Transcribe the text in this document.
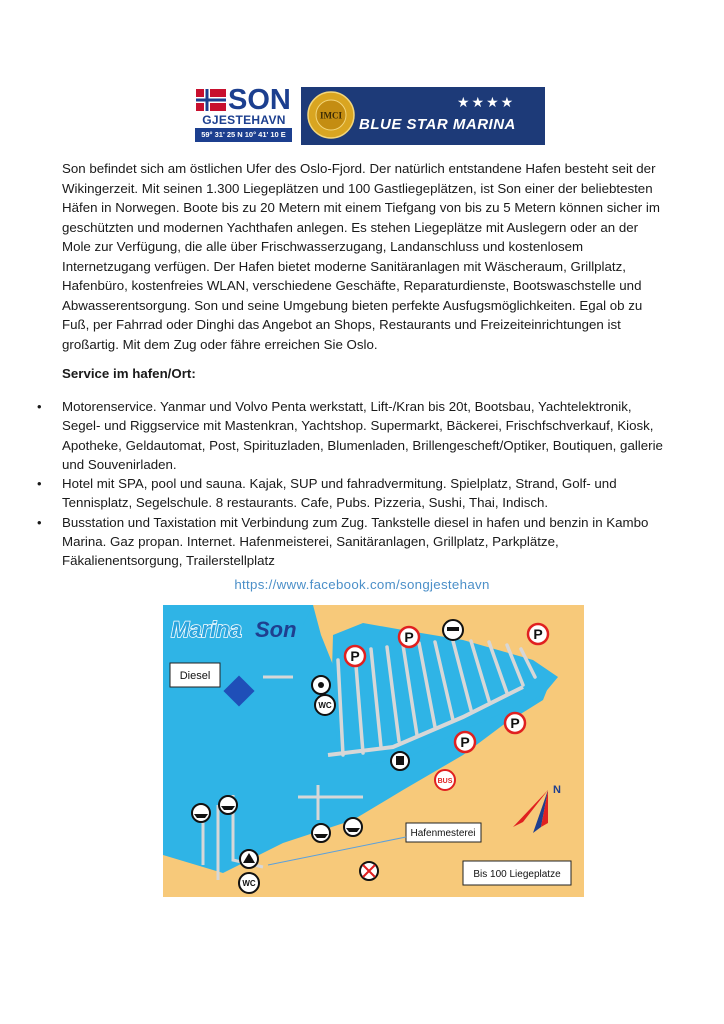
SON
GJESTEHAVN
59° 31' 25 N 10° 41' 10 E
IMCI
★★★★
BLUE STAR MARINA

Son befindet sich am östlichen Ufer des Oslo-Fjord. Der natürlich entstandene Hafen besteht seit der Wikingerzeit. Mit seinen 1.300 Liegeplätzen und 100 Gastliegeplätzen, ist Son einer der beliebtesten Häfen in Norwegen. Boote bis zu 20 Metern mit einem Tiefgang von bis zu 5 Metern können sicher im geschützten und modernen Yachthafen anlegen. Es stehen Liegeplätze mit Auslegern oder an der Mole zur Verfügung, die alle über Frischwasserzugang, Landanschluss und kostenlosem Internetzugang verfügen. Der Hafen bietet moderne Sanitäranlagen mit Wäscheraum, Grillplatz, Hafenbüro, kostenfreies WLAN, verschiedene Geschäfte, Reparaturdienste, Bootswaschstelle und Abwasserentsorgung. Son und seine Umgebung bieten perfekte Ausfugsmöglichkeiten. Egal ob zu Fuß, per Fahrrad oder Dinghi das Angebot an Shops, Restaurants und Freizeiteinrichtungen ist großartig. Mit dem Zug oder fähre erreichen Sie Oslo.

Service im hafen/Ort:
• Motorenservice. Yanmar und Volvo Penta werkstatt, Lift-/Kran bis 20t, Bootsbau, Yachtelektronik, Segel- und Riggservice mit Mastenkran, Yachtshop. Supermarkt, Bäckerei, Frischfschverkauf, Kiosk, Apotheke, Geldautomat, Post, Spirituzladen, Blumenladen, Brillengescheft/Optiker, Boutiquen, gallerie und Souvenirladen.
• Hotel mit SPA, pool und sauna. Kajak, SUP und fahradvermitung. Spielplatz, Strand, Golf- und Tennisplatz, Segelschule. 8 restaurants. Cafe, Pubs. Pizzeria, Sushi, Thai, Indisch.
• Busstation und Taxistation mit Verbindung zum Zug. Tankstelle diesel in hafen und benzin in Kambo Marina. Gaz propan. Internet. Hafenmeisterei, Sanitäranlagen, Grillplatz, Parkplätze, Fäkalienentsorgung, Trailerstellplatz
https://www.facebook.com/songjestehavn
Marina Son
Diesel
Hafenmesterei
Bis 100 Liegeplatze
P
P
P
P
P
WC
WC
BUS
N
